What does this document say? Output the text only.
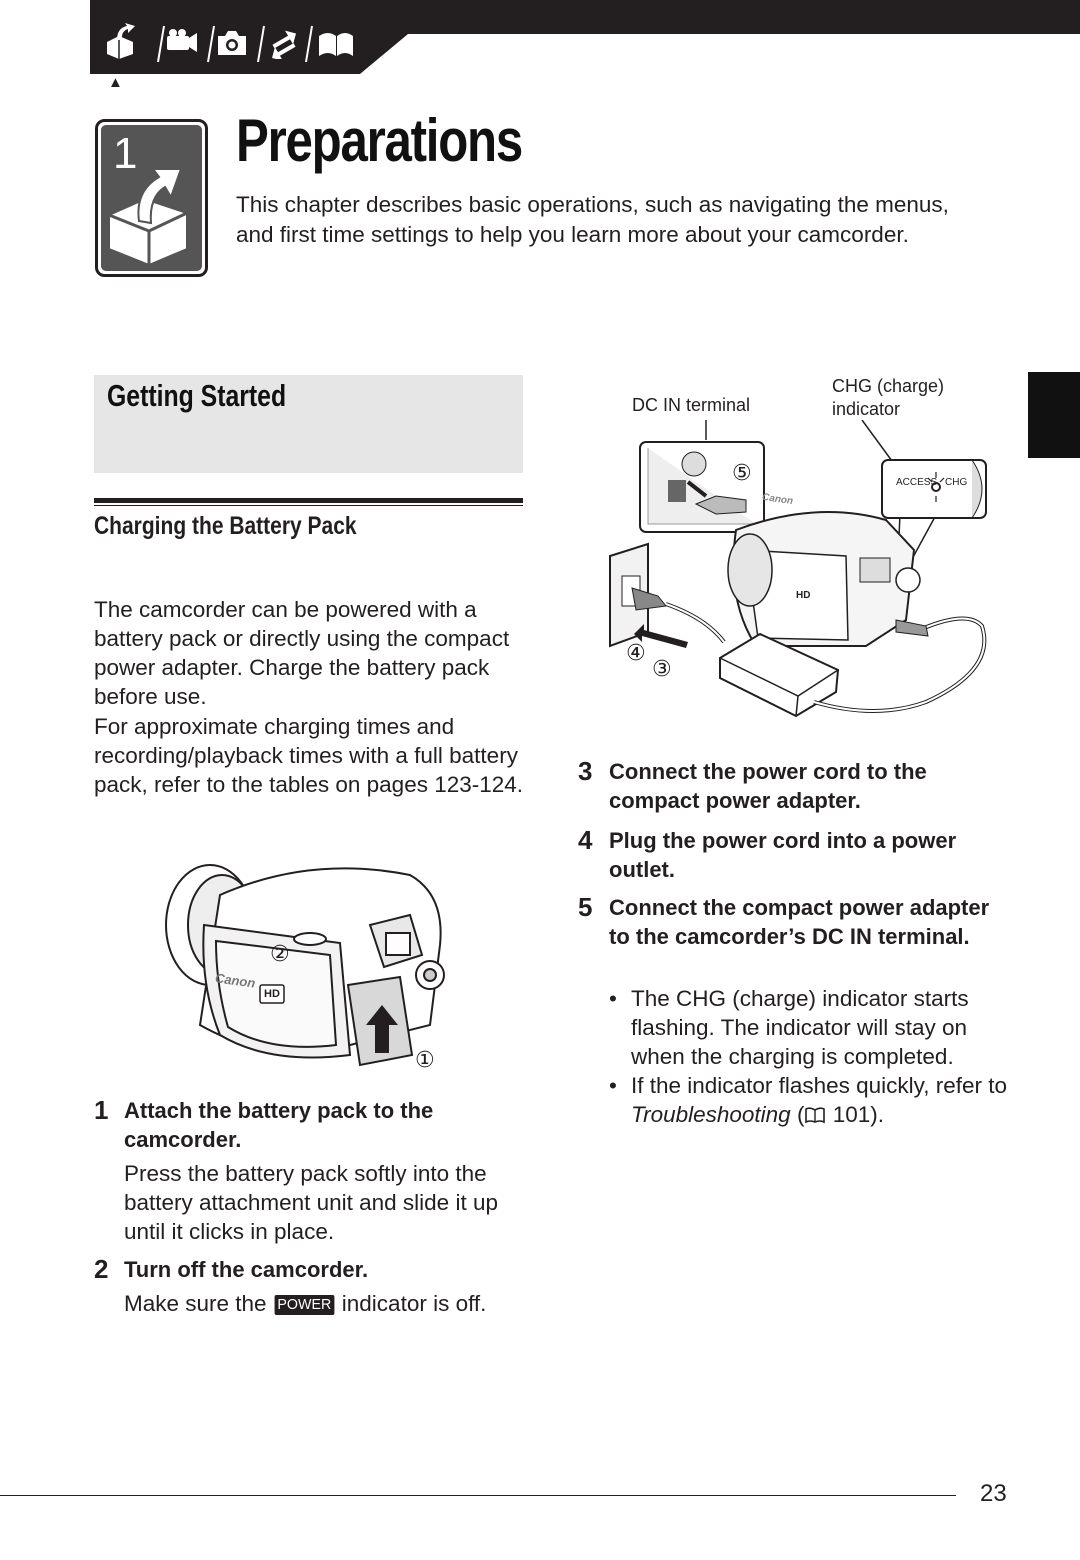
▲
1 Preparations
This chapter describes basic operations, such as navigating the menus, and first time settings to help you learn more about your camcorder.
Getting Started
Charging the Battery Pack
The camcorder can be powered with a battery pack or directly using the compact power adapter. Charge the battery pack before use.
For approximate charging times and recording/playback times with a full battery pack, refer to the tables on pages 123-124.
Canon
HD
②
①
1 Attach the battery pack to the camcorder.
Press the battery pack softly into the battery attachment unit and slide it up until it clicks in place.
2 Turn off the camcorder.
Make sure the POWER indicator is off.
DC IN terminal
CHG (charge)
indicator
ACCESS CHG
Canon
HD
⑤
④
③
3 Connect the power cord to the compact power adapter.
4 Plug the power cord into a power outlet.
5 Connect the compact power adapter to the camcorder’s DC IN terminal.
• The CHG (charge) indicator starts flashing. The indicator will stay on when the charging is completed.
• If the indicator flashes quickly, refer to Troubleshooting ( 101).
23
